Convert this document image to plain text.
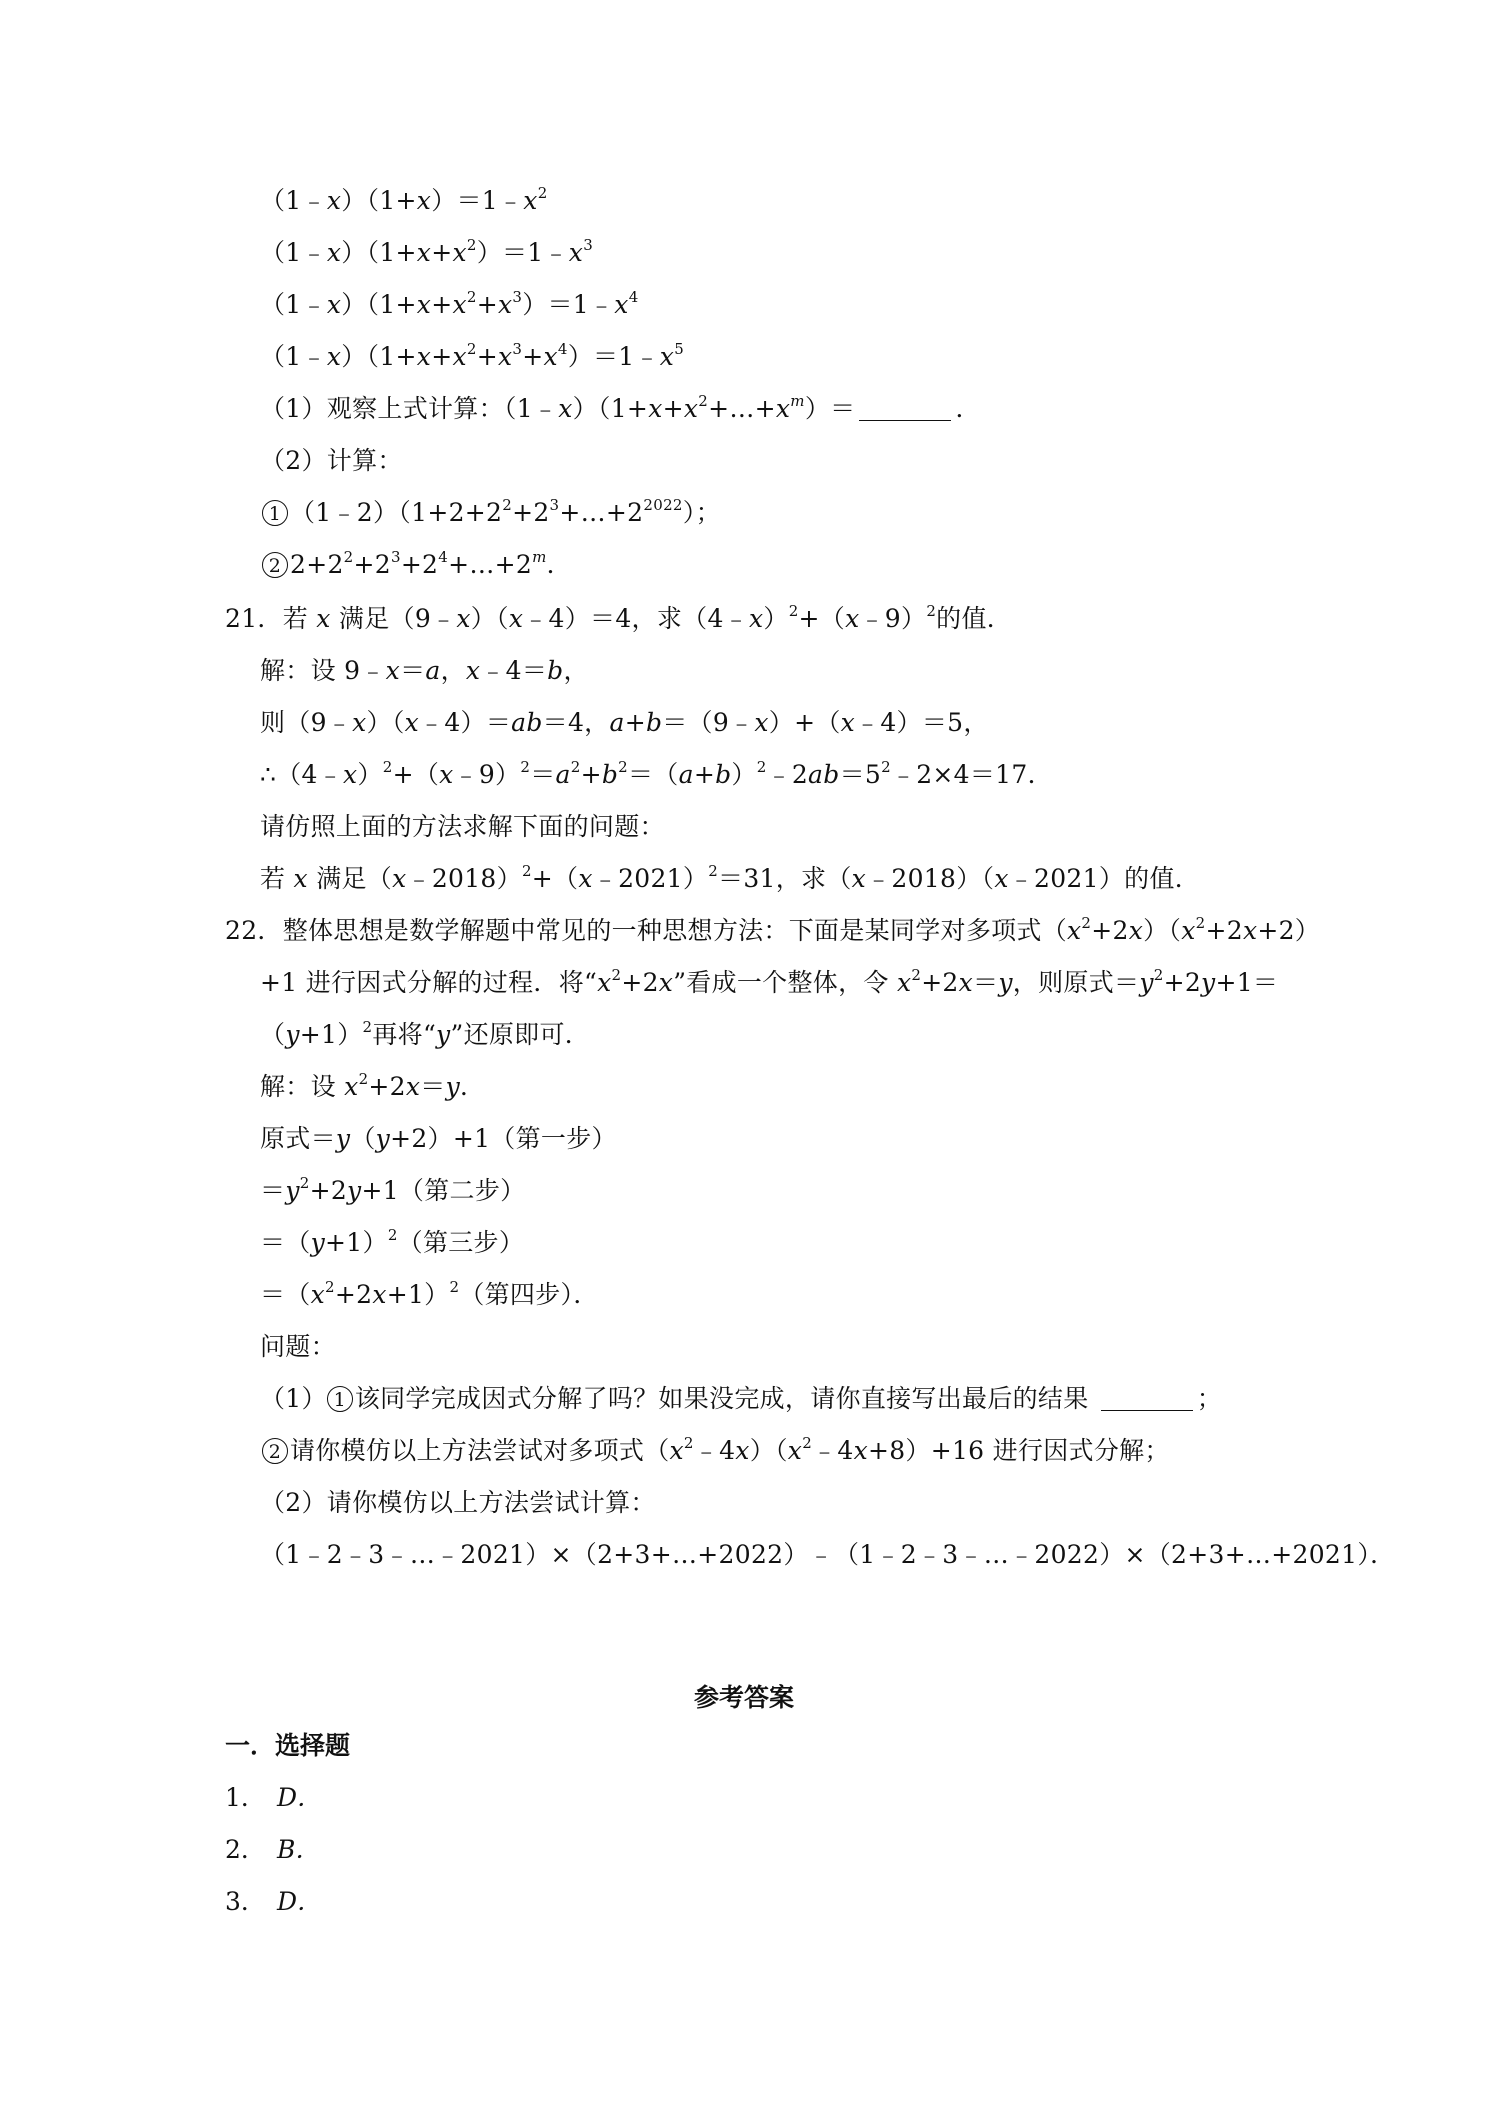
$(1﹣x)(1+x)=1﹣x^2$
$(1﹣x)(1+x+x^2)=1﹣x^3$
$(1﹣x)(1+x+x^2+x^3)=1﹣x^4$
$(1﹣x)(1+x+x^2+x^3+x^4)=1﹣x^5$
（1）观察上式计算：$(1﹣x)(1+x+x^2+\dots+x^m)=$	．
（2）计算：
1 $(1﹣2)(1+2+2^2+2^3+\dots+2^{2022})$；
2 $2+2^2+2^3+2^4+\dots+2^m$．
21．若 x 满足（9﹣x）（x﹣4）＝4，求（4﹣x）$^2$+（x﹣9）$^2$的值．
解：设 9﹣x＝a，x﹣4＝b，
则（9﹣x）（x﹣4）＝ab＝4，a+b＝（9﹣x）+（x﹣4）＝5，
$\therefore(4﹣x)^2+(x﹣9)^2=a^2+b^2=(a+b)^2﹣2ab=5^2﹣2\times 4=17$．
请仿照上面的方法求解下面的问题：
若 x 满足（x﹣2018）$^2$+（x﹣2021）$^2$＝31，求（x﹣2018）（x﹣2021）的值．
22．整体思想是数学解题中常见的一种思想方法：下面是某同学对多项式$(x^2+2x)(x^2+2x+2)$
+1 进行因式分解的过程．将“$x^2+2x$”看成一个整体，令 $x^2+2x=y$，则原式$=y^2+2y+1=$
$(y+1)^2$再将“y”还原即可．
解：设 $x^2+2x=y$．
原式＝y（y+2）+1（第一步）
$=y^2+2y+1$（第二步）
$=(y+1)^2$（第三步）
$=(x^2+2x+1)^2$（第四步）．
问题：
（1） 1 该同学完成因式分解了吗？如果没完成，请你直接写出最后的结果	；
2 请你模仿以上方法尝试对多项式$(x^2﹣4x)(x^2﹣4x+8)+16$ 进行因式分解；
（2）请你模仿以上方法尝试计算：
（1﹣2﹣3﹣…﹣2021）×（2+3+…+2022）﹣（1﹣2﹣3﹣…﹣2022）×（2+3+…+2021）．
参考答案
一．选择题
1． D．
2． B．
3． D．
